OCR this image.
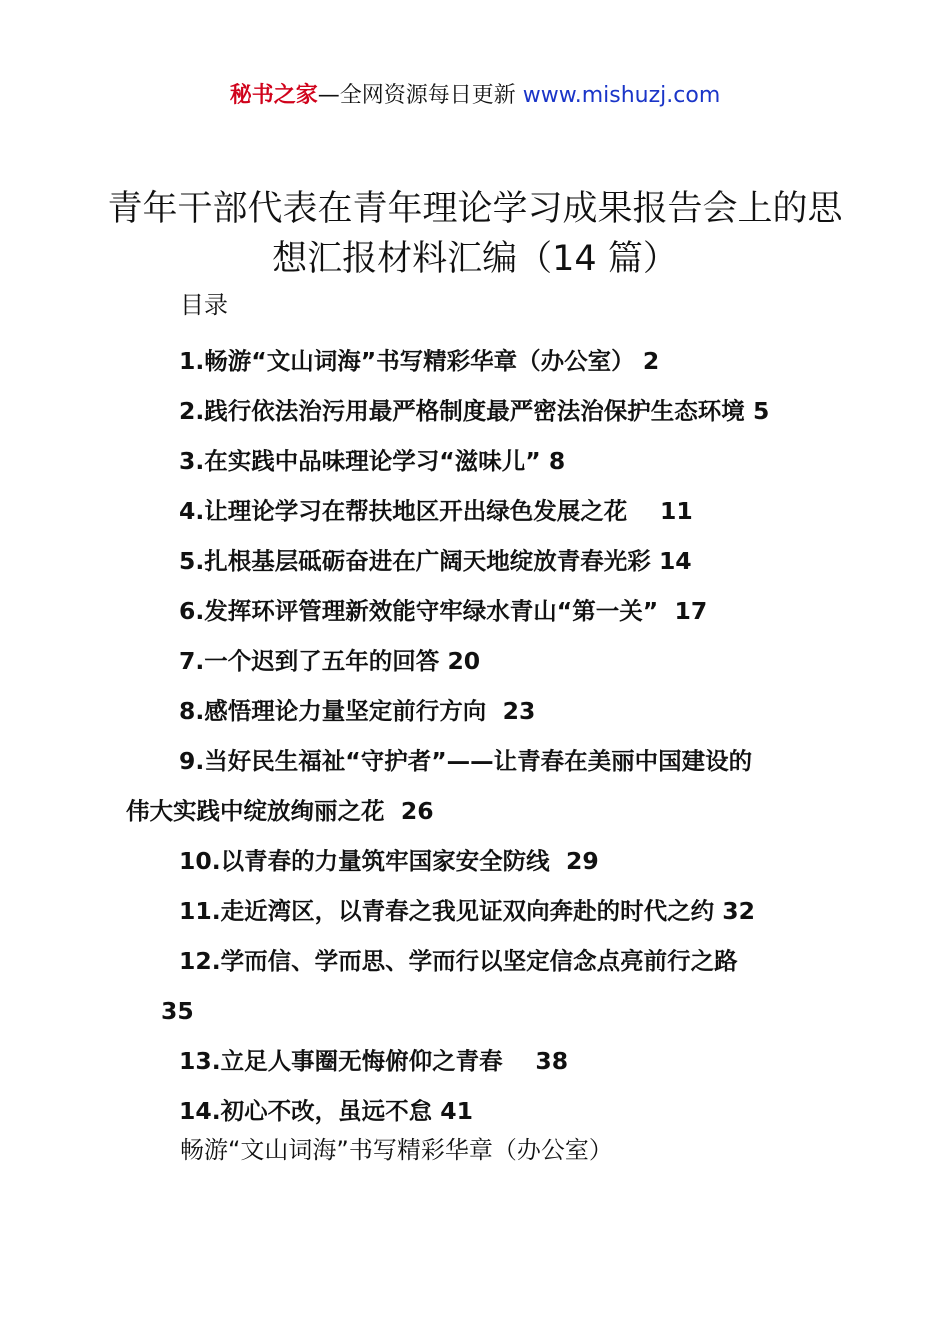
秘书之家—全网资源每日更新 www.mishuzj.com
青年干部代表在青年理论学习成果报告会上的思想汇报材料汇编（14 篇）
目录
1.畅游“文山词海”书写精彩华章（办公室） 2
2.践行依法治污用最严格制度最严密法治保护生态环境 5
3.在实践中品味理论学习“滋味儿” 8
4.让理论学习在帮扶地区开出绿色发展之花    11
5.扎根基层砥砺奋进在广阔天地绽放青春光彩 14
6.发挥环评管理新效能守牢绿水青山“第一关”  17
7.一个迟到了五年的回答 20
8.感悟理论力量坚定前行方向  23
9.当好民生福祉“守护者”——让青春在美丽中国建设的
伟大实践中绽放绚丽之花  26
10.以青春的力量筑牢国家安全防线  29
11.走近湾区，以青春之我见证双向奔赴的时代之约 32
12.学而信、学而思、学而行以坚定信念点亮前行之路
35
13.立足人事圈无悔俯仰之青春    38
14.初心不改，虽远不怠 41
畅游“文山词海”书写精彩华章（办公室）
